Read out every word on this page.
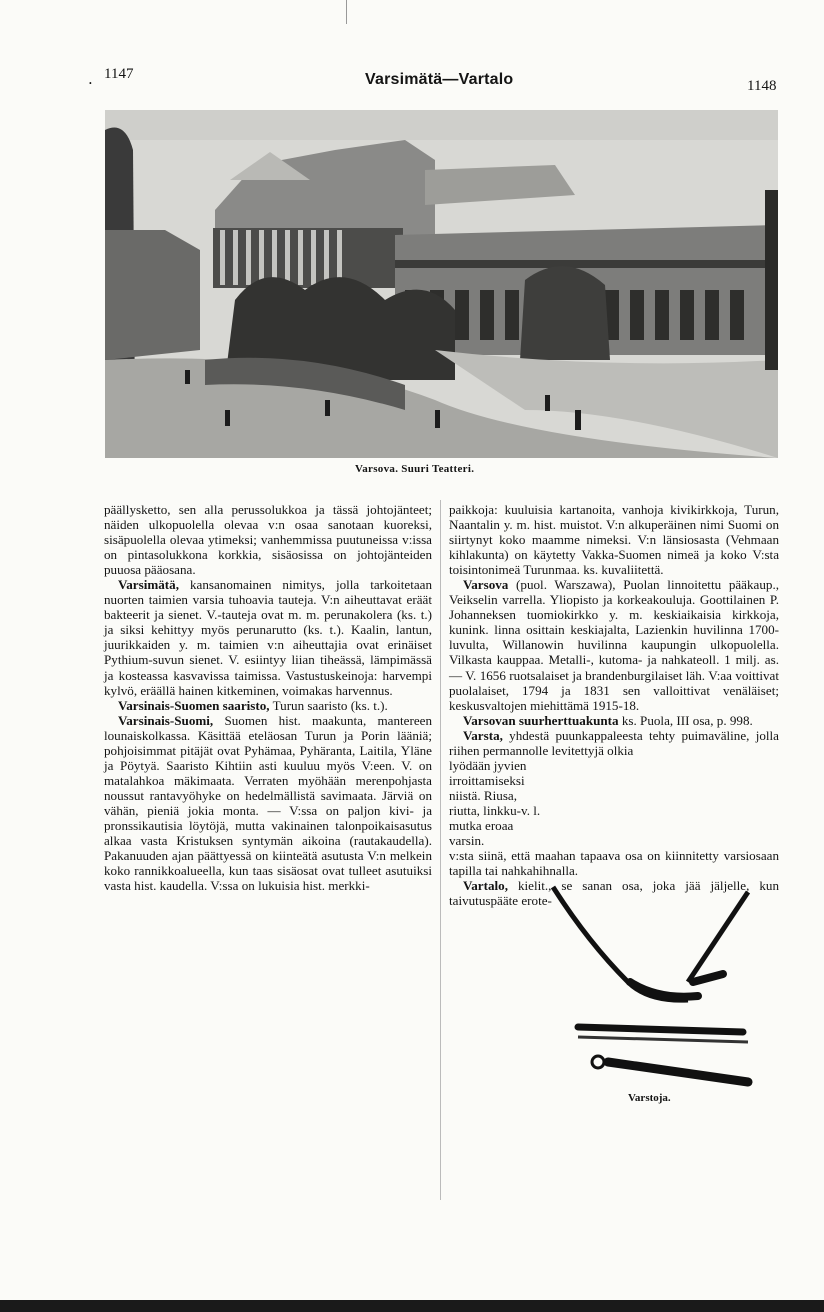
. 1147	Varsimätä—Vartalo	1148
Varsova. Suuri Teatteri.

päällysketto, sen alla perussolukkoa ja tässä johtojänteet; näiden ulkopuolella olevaa v:n osaa sanotaan kuoreksi, sisäpuolella olevaa ytimeksi; vanhemmissa puutuneissa v:issa on pintasolukkona korkkia, sisäosissa on johtojänteiden puuosa pääosana.

Varsimätä, kansanomainen nimitys, jolla tarkoitetaan nuorten taimien varsia tuhoavia tauteja. V:n aiheuttavat eräät bakteerit ja sienet. V.-tauteja ovat m. m. perunakolera (ks. t.) ja siksi kehittyy myös perunarutto (ks. t.). Kaalin, lantun, juurikkaiden y. m. taimien v:n aiheuttajia ovat erinäiset Pythium-suvun sienet. V. esiintyy liian tiheässä, lämpimässä ja kosteassa kasvavissa taimissa. Vastustuskeinoja: harvempi kylvö, eräällä hainen kitkeminen, voimakas harvennus.

Varsinais-Suomen saaristo, Turun saaristo (ks. t.).

Varsinais-Suomi, Suomen hist. maakunta, mantereen lounaiskolkassa. Käsittää eteläosan Turun ja Porin lääniä; pohjoisimmat pitäjät ovat Pyhämaa, Pyhäranta, Laitila, Yläne ja Pöytyä. Saaristo Kihtiin asti kuuluu myös V:een. V. on matalahkoa mäkimaata. Verraten myöhään merenpohjasta noussut rantavyöhyke on hedelmällistä savimaata. Järviä on vähän, pieniä jokia monta. — V:ssa on paljon kivi- ja pronssikautisia löytöjä, mutta vakinainen talonpoikaisasutus alkaa vasta Kristuksen syntymän aikoina (rautakaudella). Pakanuuden ajan päättyessä on kiinteätä asutusta V:n melkein koko rannikkoalueella, kun taas sisäosat ovat tulleet asutuiksi vasta hist. kaudella. V:ssa on lukuisia hist. merkki-

paikkoja: kuuluisia kartanoita, vanhoja kivikirkkoja, Turun, Naantalin y. m. hist. muistot. V:n alkuperäinen nimi Suomi on siirtynyt koko maamme nimeksi. V:n länsiosasta (Vehmaan kihlakunta) on käytetty Vakka-Suomen nimeä ja koko V:sta toisintonimeä Turunmaa. ks. kuvaliitettä.

Varsova (puol. Warszawa), Puolan linnoitettu pääkaup., Veikselin varrella. Yliopisto ja korkeakouluja. Goottilainen P. Johanneksen tuomiokirkko y. m. keskiaikaisia kirkkoja, kunink. linna osittain keskiajalta, Lazienkin huvilinna 1700-luvulta, Willanowin huvilinna kaupungin ulkopuolella. Vilkasta kauppaa. Metalli-, kutoma- ja nahkateoll. 1 milj. as. — V. 1656 ruotsalaiset ja brandenburgilaiset läh. V:aa voittivat puolalaiset, 1794 ja 1831 sen valloittivat venäläiset; keskusvaltojen miehittämä 1915-18.

Varsovan suurherttuakunta ks. Puola, III osa, p. 998.

Varsta, yhdestä puunkappaleesta tehty puimaväline, jolla riihen permannolle levitettyjä olkia

lyödään jyvien irroittamiseksi niistä. Riusa, riutta, linkku-v. l. mutka eroaa varsin.

v:sta siinä, että maahan tapaava osa on kiinnitetty varsiosaan tapilla tai nahkahihnalla.

Vartalo, kielit., se sanan osa, joka jää jäljelle, kun taivutuspääte erote-

Varstoja.
